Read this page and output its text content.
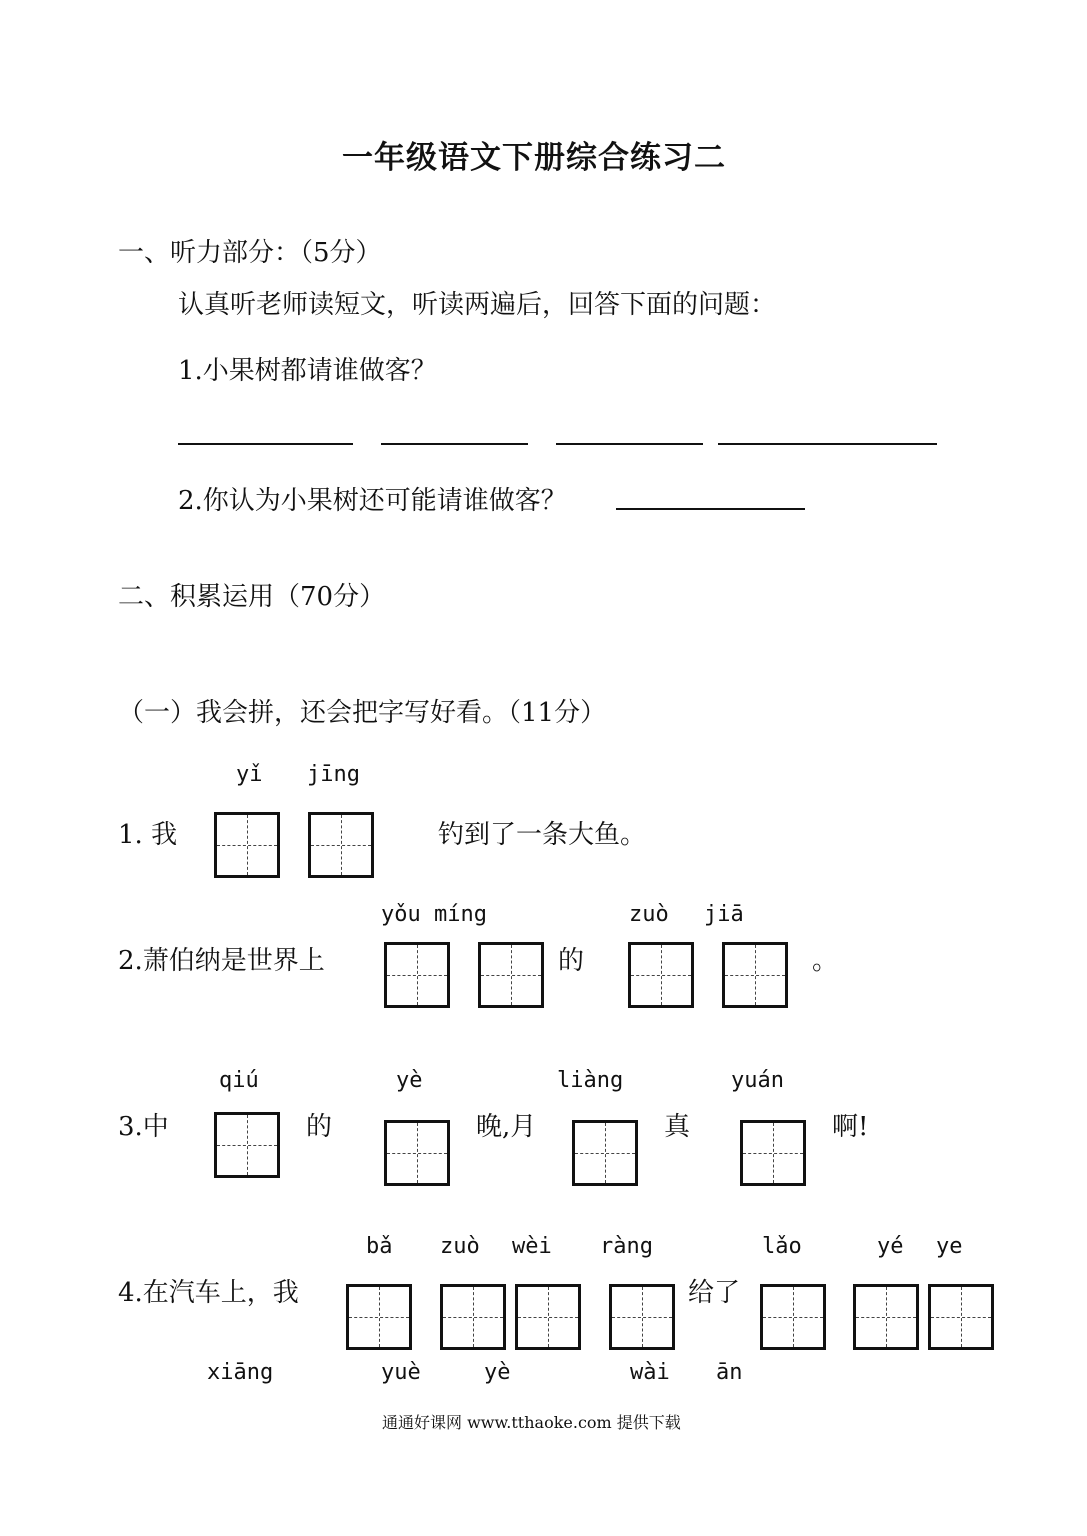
一年级语文下册综合练习二
一、听力部分：（5分）
认真听老师读短文，听读两遍后，回答下面的问题：
1.小果树都请谁做客？
2.你认为小果树还可能请谁做客？
二、积累运用（70分）
（一）我会拼，还会把字写好看。（11分）
yǐ jīng
1. 我	钓到了一条大鱼。
yǒu míng	zuò jiā
2.萧伯纳是世界上	的	。
qiú	yè	liàng	yuán
3.中	的	晚,月	真	啊!
bǎ zuò wèi ràng	lǎo	yé ye
4.在汽车上，我	给了
xiāng	yuè	yè	wài ān
通通好课网 www.tthaoke.com 提供下载
